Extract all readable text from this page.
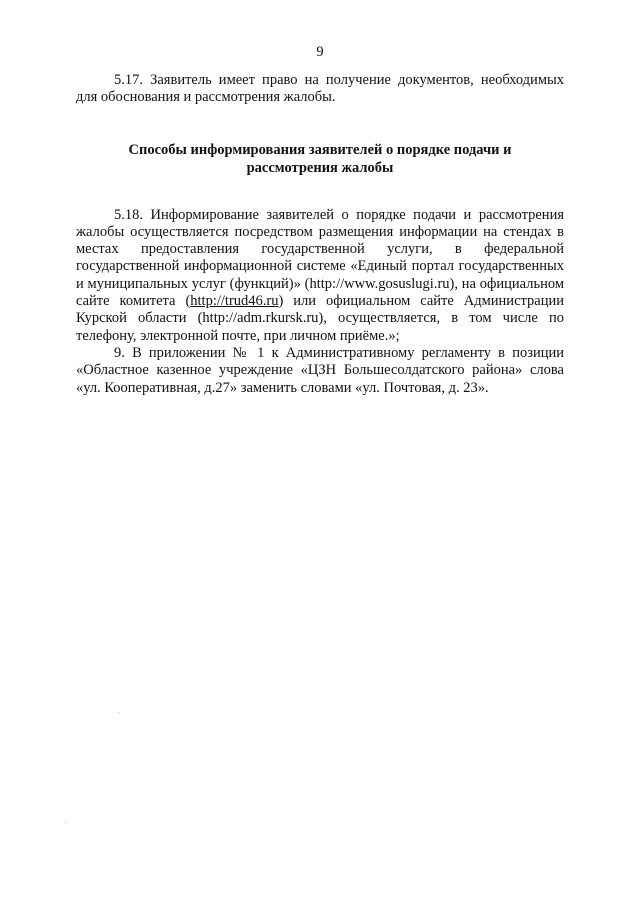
9

5.17. Заявитель имеет право на получение документов, необходимых для обоснования и рассмотрения жалобы.

Способы информирования заявителей о порядке подачи и рассмотрения жалобы

5.18. Информирование заявителей о порядке подачи и рассмотрения жалобы осуществляется посредством размещения информации на стендах в местах предоставления государственной услуги, в федеральной государственной информационной системе «Единый портал государственных и муниципальных услуг (функций)» (http://www.gosuslugi.ru), на официальном сайте комитета (http://trud46.ru) или официальном сайте Администрации Курской области (http://adm.rkursk.ru), осуществляется, в том числе по телефону, электронной почте, при личном приёме.»;

9. В приложении № 1 к Административному регламенту в позиции «Областное казенное учреждение «ЦЗН Большесолдатского района» слова «ул. Кооперативная, д.27» заменить словами «ул. Почтовая, д. 23».
